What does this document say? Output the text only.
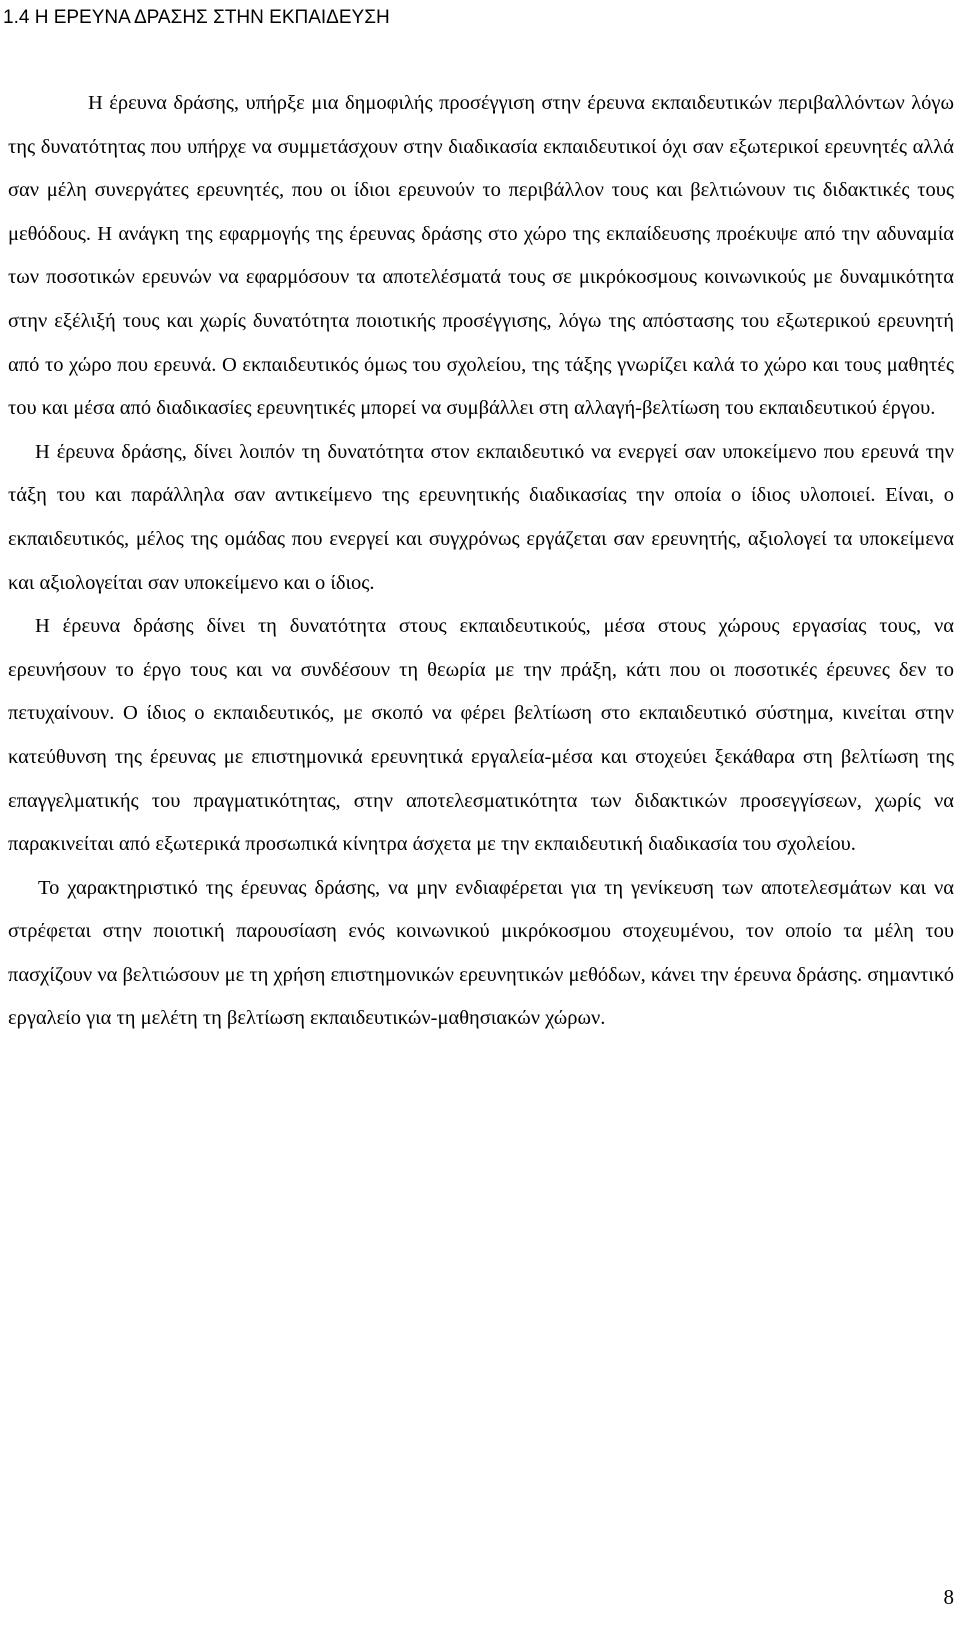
1.4 Η ΕΡΕΥΝΑ ΔΡΑΣΗΣ ΣΤΗΝ ΕΚΠΑΙΔΕΥΣΗ

Η έρευνα δράσης, υπήρξε μια δημοφιλής προσέγγιση στην έρευνα εκπαιδευτικών περιβαλλόντων λόγω της δυνατότητας που υπήρχε να συμμετάσχουν στην διαδικασία εκπαιδευτικοί όχι σαν εξωτερικοί ερευνητές αλλά σαν μέλη συνεργάτες ερευνητές, που οι ίδιοι ερευνούν το περιβάλλον τους και βελτιώνουν τις διδακτικές τους μεθόδους. Η ανάγκη της εφαρμογής της έρευνας δράσης στο χώρο της εκπαίδευσης προέκυψε από την αδυναμία των ποσοτικών ερευνών να εφαρμόσουν τα αποτελέσματά τους σε μικρόκοσμους κοινωνικούς με δυναμικότητα στην εξέλιξή τους και χωρίς δυνατότητα ποιοτικής προσέγγισης, λόγω της απόστασης του εξωτερικού ερευνητή από το χώρο που ερευνά. Ο εκπαιδευτικός όμως του σχολείου, της τάξης γνωρίζει καλά το χώρο και τους μαθητές του και μέσα από διαδικασίες ερευνητικές μπορεί να συμβάλλει στη αλλαγή-βελτίωση του εκπαιδευτικού έργου.

Η έρευνα δράσης, δίνει λοιπόν τη δυνατότητα στον εκπαιδευτικό να ενεργεί σαν υποκείμενο που ερευνά την τάξη του και παράλληλα σαν αντικείμενο της ερευνητικής διαδικασίας την οποία ο ίδιος υλοποιεί. Είναι, ο εκπαιδευτικός, μέλος της ομάδας που ενεργεί και συγχρόνως εργάζεται σαν ερευνητής, αξιολογεί τα υποκείμενα και αξιολογείται σαν υποκείμενο και ο ίδιος.

Η έρευνα δράσης δίνει τη δυνατότητα στους εκπαιδευτικούς, μέσα στους χώρους εργασίας τους, να ερευνήσουν το έργο τους και να συνδέσουν τη θεωρία με την πράξη, κάτι που οι ποσοτικές έρευνες δεν το πετυχαίνουν. Ο ίδιος ο εκπαιδευτικός, με σκοπό να φέρει βελτίωση στο εκπαιδευτικό σύστημα, κινείται στην κατεύθυνση της έρευνας με επιστημονικά ερευνητικά εργαλεία-μέσα και στοχεύει ξεκάθαρα στη βελτίωση της επαγγελματικής του πραγματικότητας, στην αποτελεσματικότητα των διδακτικών προσεγγίσεων, χωρίς να παρακινείται από εξωτερικά προσωπικά κίνητρα άσχετα με την εκπαιδευτική διαδικασία του σχολείου.

Το χαρακτηριστικό της έρευνας δράσης, να μην ενδιαφέρεται για τη γενίκευση των αποτελεσμάτων και να στρέφεται στην ποιοτική παρουσίαση ενός κοινωνικού μικρόκοσμου στοχευμένου, τον οποίο τα μέλη του πασχίζουν να βελτιώσουν με τη χρήση επιστημονικών ερευνητικών μεθόδων, κάνει την έρευνα δράσης. σημαντικό εργαλείο για τη μελέτη τη βελτίωση εκπαιδευτικών-μαθησιακών χώρων.

8
